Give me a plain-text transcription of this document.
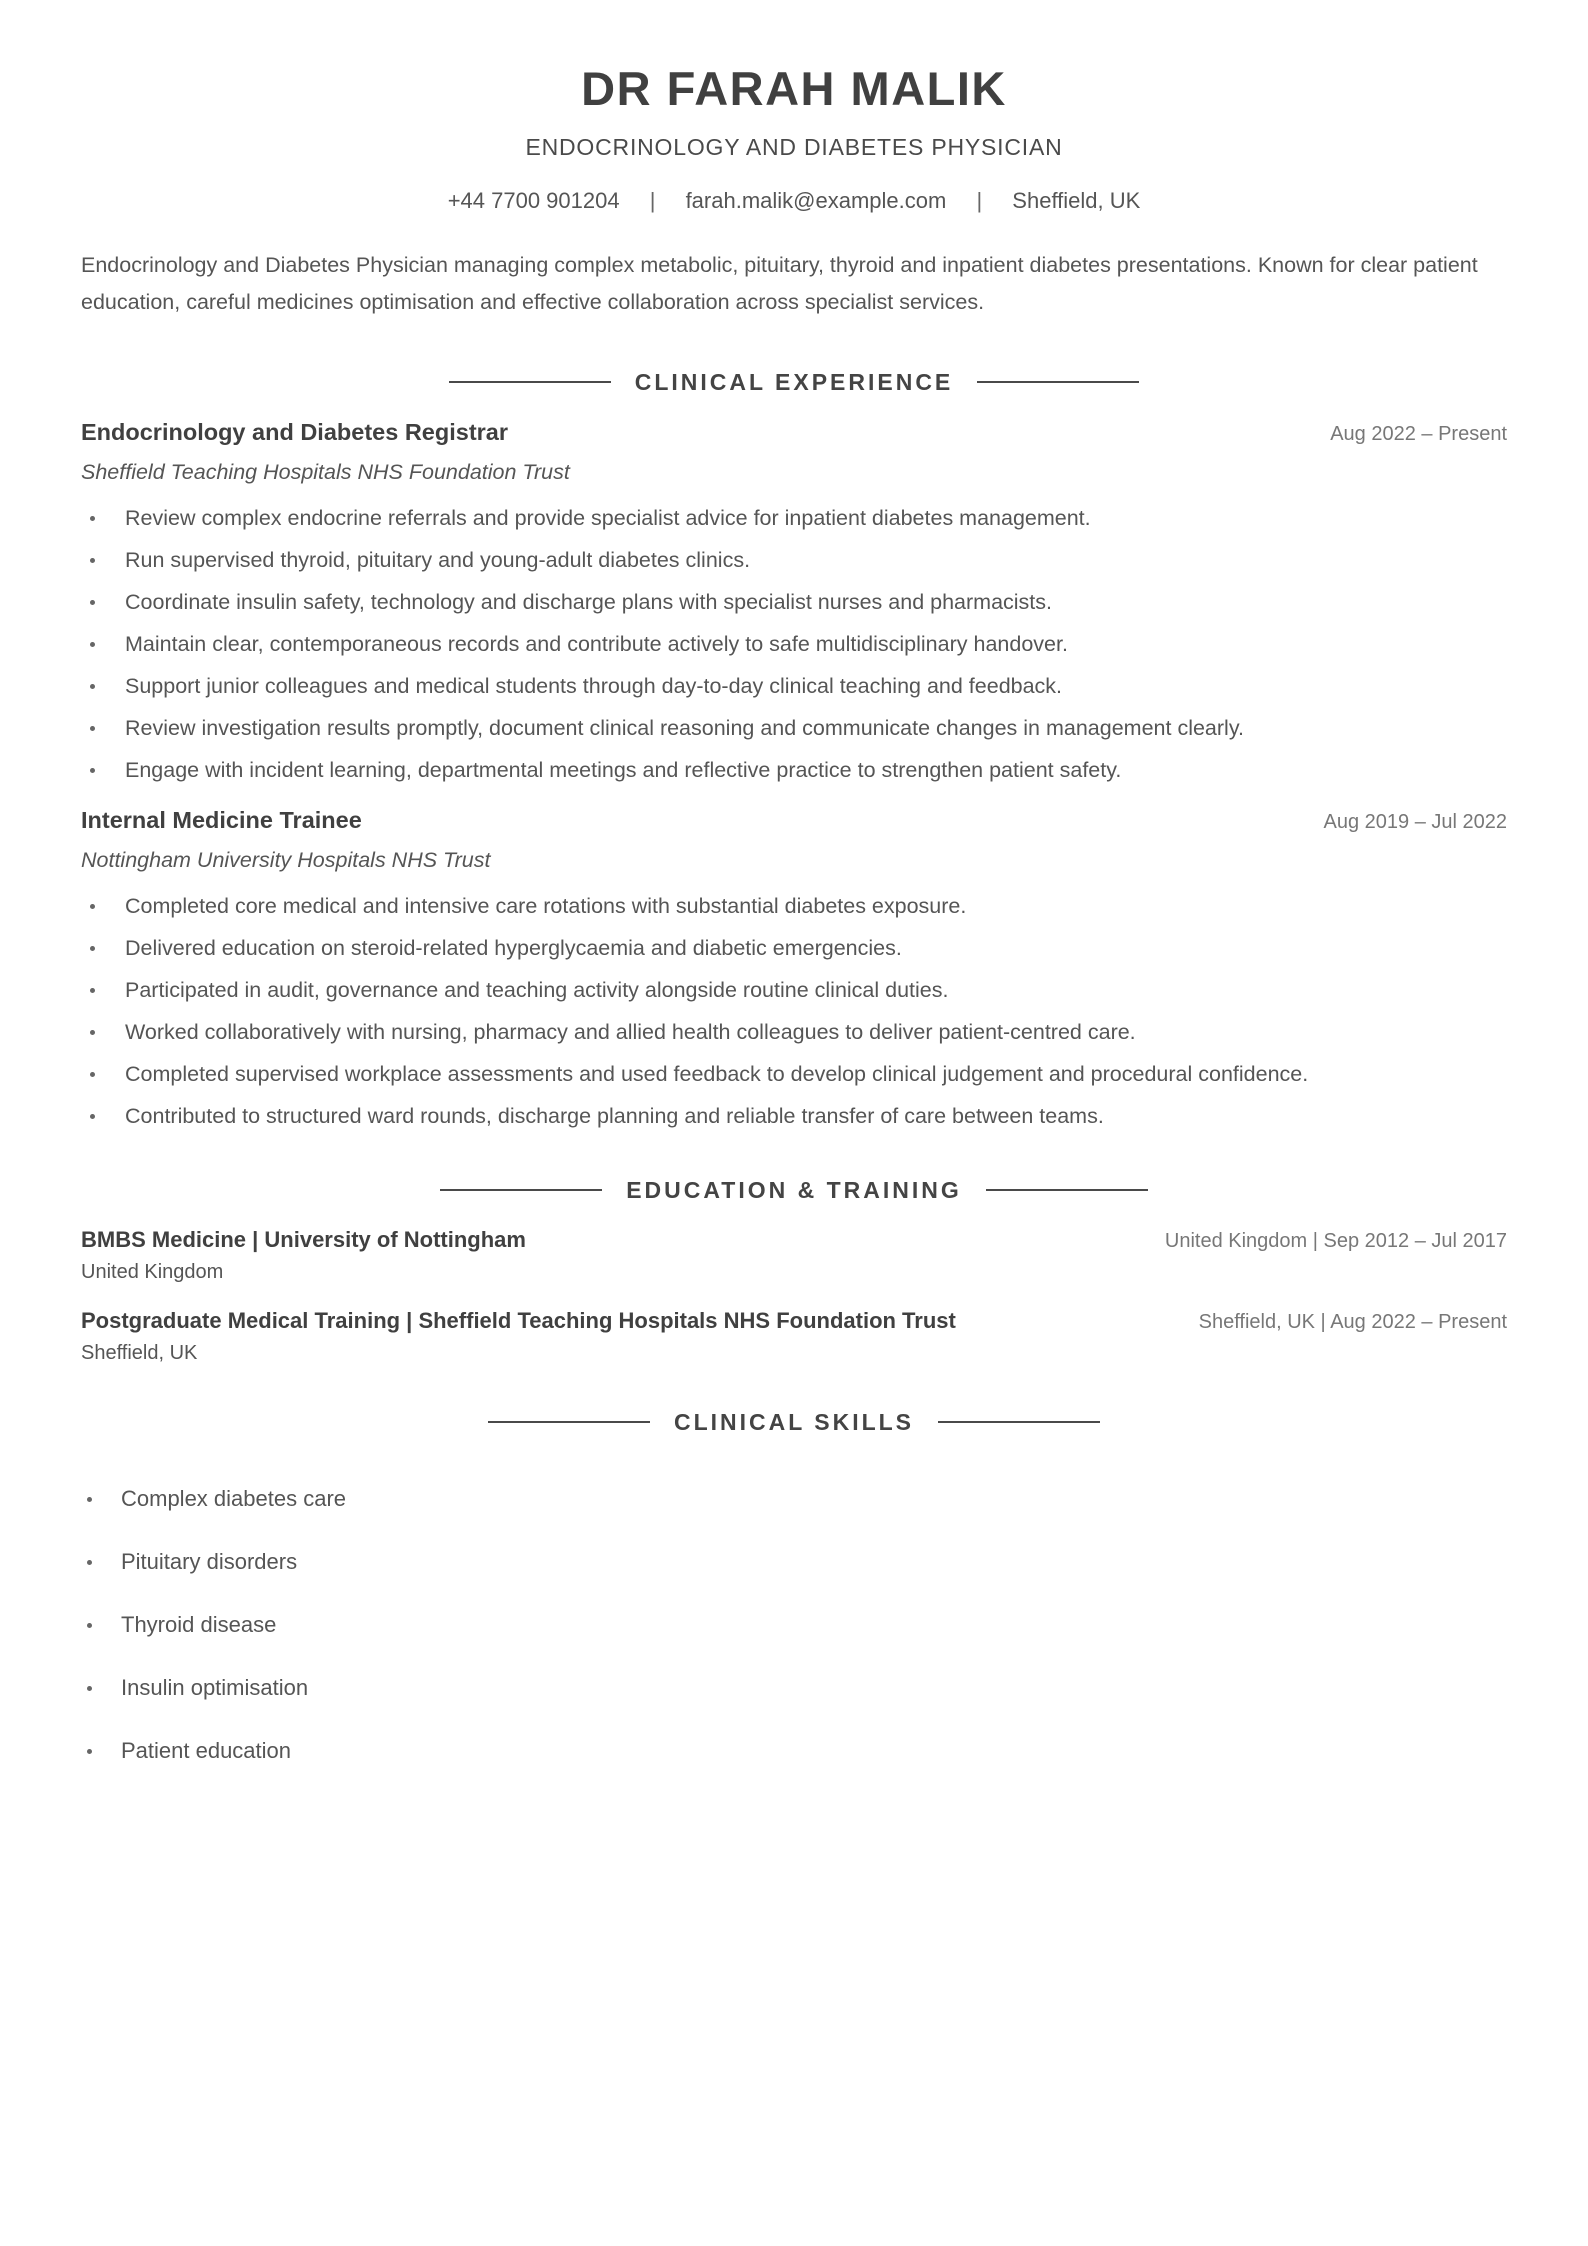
DR FARAH MALIK
ENDOCRINOLOGY AND DIABETES PHYSICIAN
+44 7700 901204 | farah.malik@example.com | Sheffield, UK
Endocrinology and Diabetes Physician managing complex metabolic, pituitary, thyroid and inpatient diabetes presentations. Known for clear patient education, careful medicines optimisation and effective collaboration across specialist services.
CLINICAL EXPERIENCE
Endocrinology and Diabetes Registrar	Aug 2022 – Present
Sheffield Teaching Hospitals NHS Foundation Trust
Review complex endocrine referrals and provide specialist advice for inpatient diabetes management.
Run supervised thyroid, pituitary and young-adult diabetes clinics.
Coordinate insulin safety, technology and discharge plans with specialist nurses and pharmacists.
Maintain clear, contemporaneous records and contribute actively to safe multidisciplinary handover.
Support junior colleagues and medical students through day-to-day clinical teaching and feedback.
Review investigation results promptly, document clinical reasoning and communicate changes in management clearly.
Engage with incident learning, departmental meetings and reflective practice to strengthen patient safety.
Internal Medicine Trainee	Aug 2019 – Jul 2022
Nottingham University Hospitals NHS Trust
Completed core medical and intensive care rotations with substantial diabetes exposure.
Delivered education on steroid-related hyperglycaemia and diabetic emergencies.
Participated in audit, governance and teaching activity alongside routine clinical duties.
Worked collaboratively with nursing, pharmacy and allied health colleagues to deliver patient-centred care.
Completed supervised workplace assessments and used feedback to develop clinical judgement and procedural confidence.
Contributed to structured ward rounds, discharge planning and reliable transfer of care between teams.
EDUCATION & TRAINING
BMBS Medicine | University of Nottingham	United Kingdom | Sep 2012 – Jul 2017
United Kingdom
Postgraduate Medical Training | Sheffield Teaching Hospitals NHS Foundation Trust	Sheffield, UK | Aug 2022 – Present
Sheffield, UK
CLINICAL SKILLS
Complex diabetes care
Pituitary disorders
Thyroid disease
Insulin optimisation
Patient education
